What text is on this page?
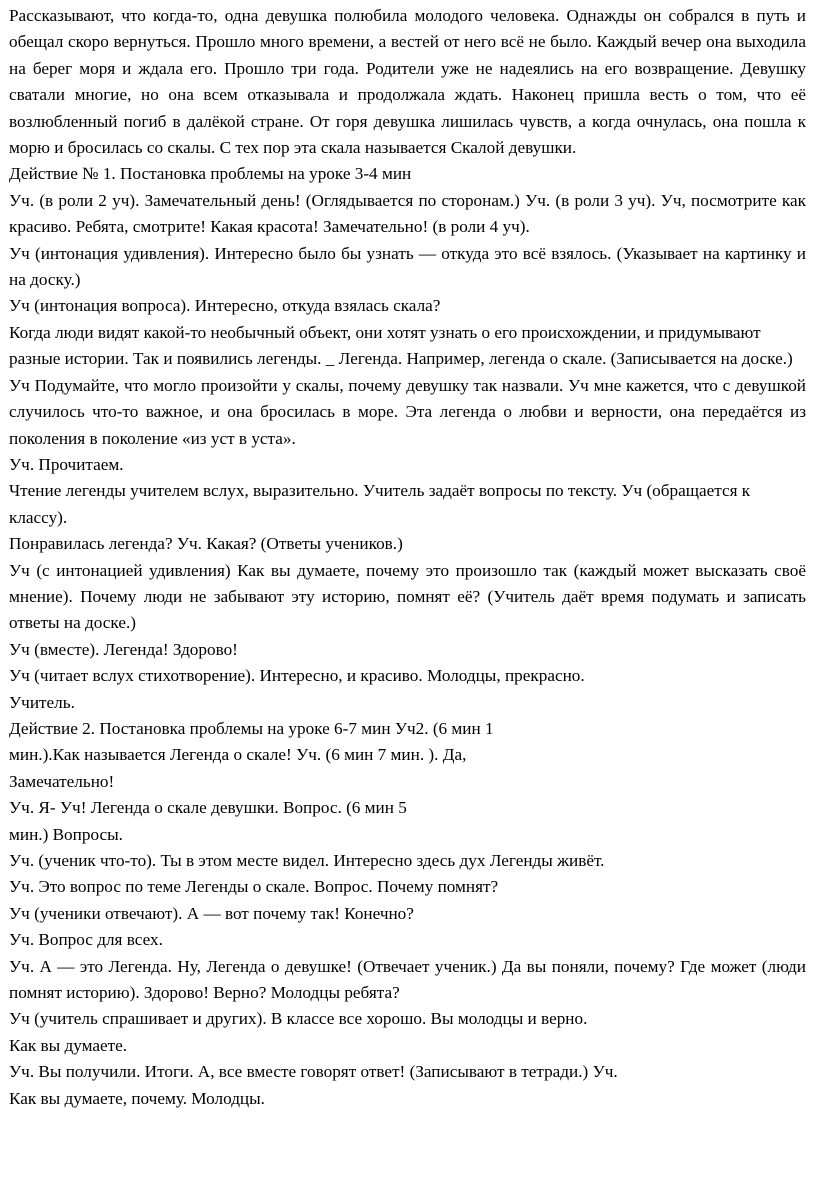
Рассказывают, что когда-то, одна девушка полюбила молодого человека. Однажды он собрался в путь и обещал скоро вернуться. Прошло много времени, а вестей от него всё не было. Каждый вечер она выходила на берег моря и ждала его. Прошло три года. Родители уже не надеялись на его возвращение. Девушку сватали многие, но она всем отказывала и продолжала ждать. Наконец пришла весть о том, что её возлюбленный погиб в далёкой стране. От горя девушка лишилась чувств, а когда очнулась, она пошла к морю и бросилась со скалы. С тех пор эта скала называется Скалой девушки.

Действие № 1. Постановка проблемы на уроке 3-4 мин

Уч. (в роли 2 уч). Замечательный день! (Оглядывается по сторонам.) Уч. (в роли 3 уч). Уч, посмотрите как красиво. Ребята, смотрите! Какая красота! Замечательно! (в роли 4 уч).

Уч (интонация удивления). Интересно было бы узнать — откуда это всё взялось. (Указывает на картинку и на доску.)

Уч (интонация вопроса). Интересно, откуда взялась скала?

Когда люди видят какой-то необычный объект, они хотят узнать о его происхождении, и придумывают разные истории. Так и появились легенды. _ Легенда. Например, легенда о скале. (Записывается на доске.)

Уч Подумайте, что могло произойти у скалы, почему девушку так назвали. Уч мне кажется, что с девушкой случилось что-то важное, и она бросилась в море. Эта легенда о любви и верности, она передаётся из поколения в поколение «из уст в уста».

Уч. Прочитаем.

Чтение легенды учителем вслух, выразительно. Учитель задаёт вопросы по тексту. Уч (обращается к классу).

Понравилась легенда? Уч. Какая? (Ответы учеников.)

Уч (с интонацией удивления) Как вы думаете, почему это произошло так (каждый может высказать своё мнение). Почему люди не забывают эту историю, помнят её? (Учитель даёт время подумать и записать ответы на доске.)

Уч (вместе). Легенда! Здорово!

Уч (читает вслух стихотворение). Интересно, и красиво. Молодцы, прекрасно.

Учитель.

Действие 2. Постановка проблемы на уроке 6-7 мин Уч2. (6 мин 1

мин.).Как называется Легенда о скале! Уч. (6 мин 7 мин. ). Да,

Замечательно!

Уч. Я- Уч! Легенда о скале девушки. Вопрос. (6 мин 5

мин.) Вопросы.

Уч. (ученик что-то). Ты в этом месте видел. Интересно здесь дух Легенды живёт.

Уч. Это вопрос по теме Легенды о скале. Вопрос. Почему помнят?

Уч (ученики отвечают). А — вот почему так! Конечно?

Уч. Вопрос для всех.

Уч. А — это Легенда. Ну, Легенда о девушке! (Отвечает ученик.) Да вы поняли, почему? Где может (люди помнят историю). Здорово! Верно? Молодцы ребята?

Уч (учитель спрашивает и других). В классе все хорошо. Вы молодцы и верно.

Как вы думаете.

Уч. Вы получили. Итоги. А, все вместе говорят ответ! (Записывают в тетради.) Уч.

Как вы думаете, почему. Молодцы.
